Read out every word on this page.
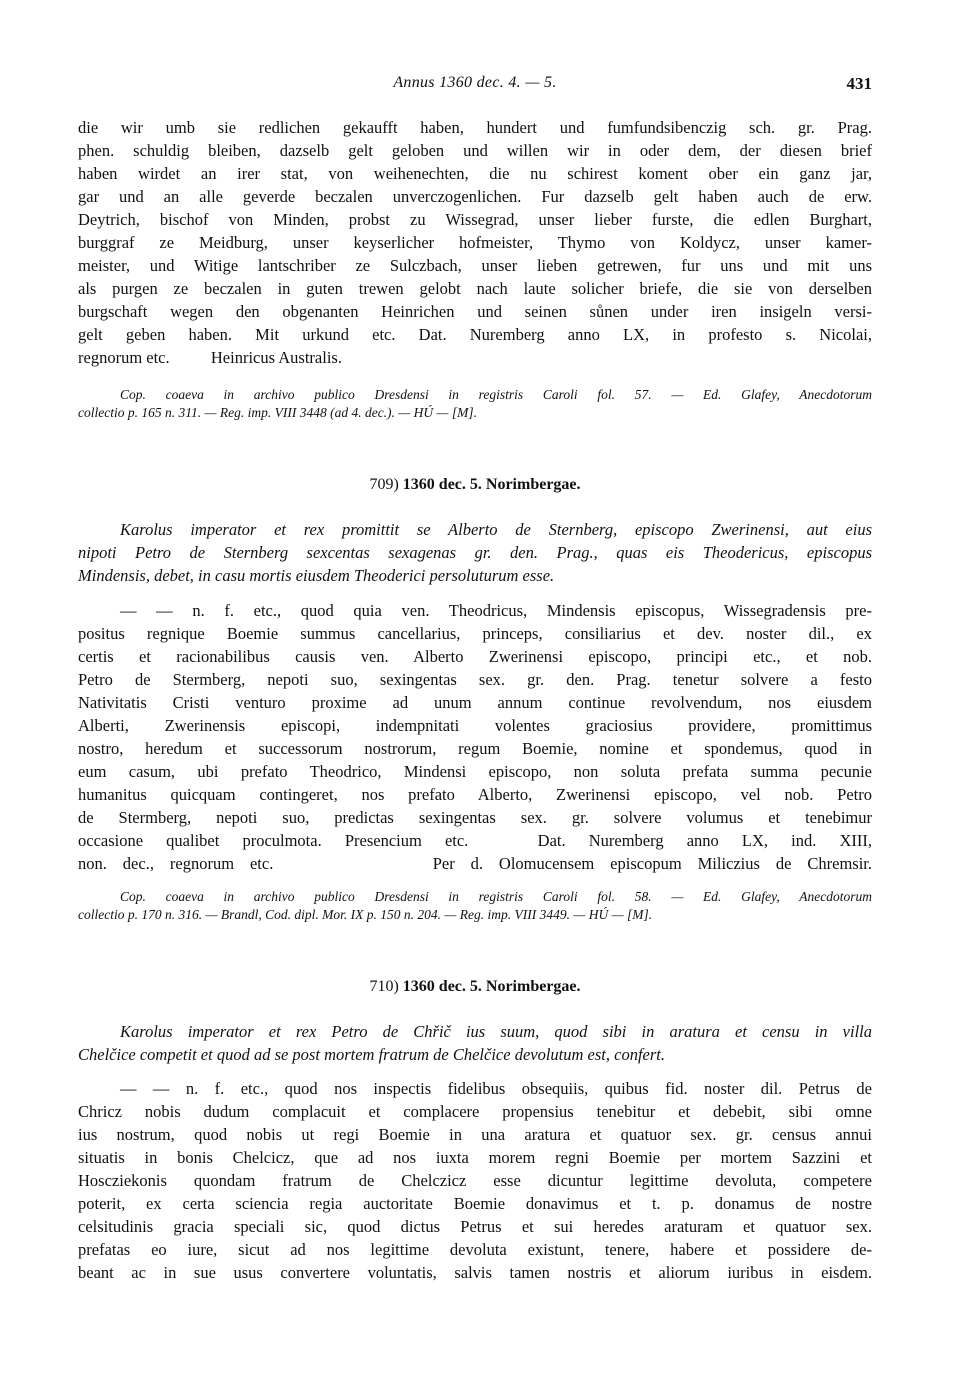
Annus 1360 dec. 4. — 5.	431

die wir umb sie redlichen gekaufft haben, hundert und fumfundsibenczig sch. gr. Prag.
phen. schuldig bleiben, dazselb gelt geloben und willen wir in oder dem, der diesen brief
haben wirdet an irer stat, von weihenechten, die nu schirest koment ober ein ganz jar,
gar und an alle geverde beczalen unverczogenlichen. Fur dazselb gelt haben auch de erw.
Deytrich, bischof von Minden, probst zu Wissegrad, unser lieber furste, die edlen Burghart,
burggraf ze Meidburg, unser keyserlicher hofmeister, Thymo von Koldycz, unser kamer-
meister, und Witige lantschriber ze Sulczbach, unser lieben getrewen, fur uns und mit uns
als purgen ze beczalen in guten trewen gelobt nach laute solicher briefe, die sie von derselben
burgschaft wegen den obgenanten Heinrichen und seinen sůnen under iren insigeln versi-
gelt geben haben. Mit urkund etc. Dat. Nuremberg anno LX, in profesto s. Nicolai,
regnorum etc.          Heinricus Australis.

Cop. coaeva in archivo publico Dresdensi in registris Caroli fol. 57. — Ed. Glafey, Anecdotorum
collectio p. 165 n. 311. — Reg. imp. VIII 3448 (ad 4. dec.). — HÚ — [M].
709) 1360 dec. 5. Norimbergae.
Karolus imperator et rex promittit se Alberto de Sternberg, episcopo Zwerinensi, aut eius
nipoti Petro de Sternberg sexcentas sexagenas gr. den. Prag., quas eis Theodericus, episcopus
Mindensis, debet, in casu mortis eiusdem Theoderici persoluturum esse.
— — n. f. etc., quod quia ven. Theodricus, Mindensis episcopus, Wissegradensis pre-
positus regnique Boemie summus cancellarius, princeps, consiliarius et dev. noster dil., ex
certis et racionabilibus causis ven. Alberto Zwerinensi episcopo, principi etc., et nob.
Petro de Stermberg, nepoti suo, sexingentas sex. gr. den. Prag. tenetur solvere a festo
Nativitatis Cristi venturo proxime ad unum annum continue revolvendum, nos eiusdem
Alberti, Zwerinensis episcopi, indempnitati volentes graciosius providere, promittimus
nostro, heredum et successorum nostrorum, regum Boemie, nomine et spondemus, quod in
eum casum, ubi prefato Theodrico, Mindensi episcopo, non soluta prefata summa pecunie
humanitus quicquam contingeret, nos prefato Alberto, Zwerinensi episcopo, vel nob. Petro
de Stermberg, nepoti suo, predictas sexingentas sex. gr. solvere volumus et tenebimur
occasione qualibet proculmota. Presencium etc.   Dat. Nuremberg anno LX, ind. XIII,
non. dec., regnorum etc.          Per d. Olomucensem episcopum Miliczius de Chremsir.
Cop. coaeva in archivo publico Dresdensi in registris Caroli fol. 58. — Ed. Glafey, Anecdotorum
collectio p. 170 n. 316. — Brandl, Cod. dipl. Mor. IX p. 150 n. 204. — Reg. imp. VIII 3449. — HÚ — [M].
710) 1360 dec. 5. Norimbergae.
Karolus imperator et rex Petro de Chřič ius suum, quod sibi in aratura et censu in villa
Chelčice competit et quod ad se post mortem fratrum de Chelčice devolutum est, confert.
— — n. f. etc., quod nos inspectis fidelibus obsequiis, quibus fid. noster dil. Petrus de
Chricz nobis dudum complacuit et complacere propensius tenebitur et debebit, sibi omne
ius nostrum, quod nobis ut regi Boemie in una aratura et quatuor sex. gr. census annui
situatis in bonis Chelcicz, que ad nos iuxta morem regni Boemie per mortem Sazzini et
Hoscziekonis quondam fratrum de Chelczicz esse dicuntur legittime devoluta, competere
poterit, ex certa sciencia regia auctoritate Boemie donavimus et t. p. donamus de nostre
celsitudinis gracia speciali sic, quod dictus Petrus et sui heredes araturam et quatuor sex.
prefatas eo iure, sicut ad nos legittime devoluta existunt, tenere, habere et possidere de-
beant ac in sue usus convertere voluntatis, salvis tamen nostris et aliorum iuribus in eisdem.
